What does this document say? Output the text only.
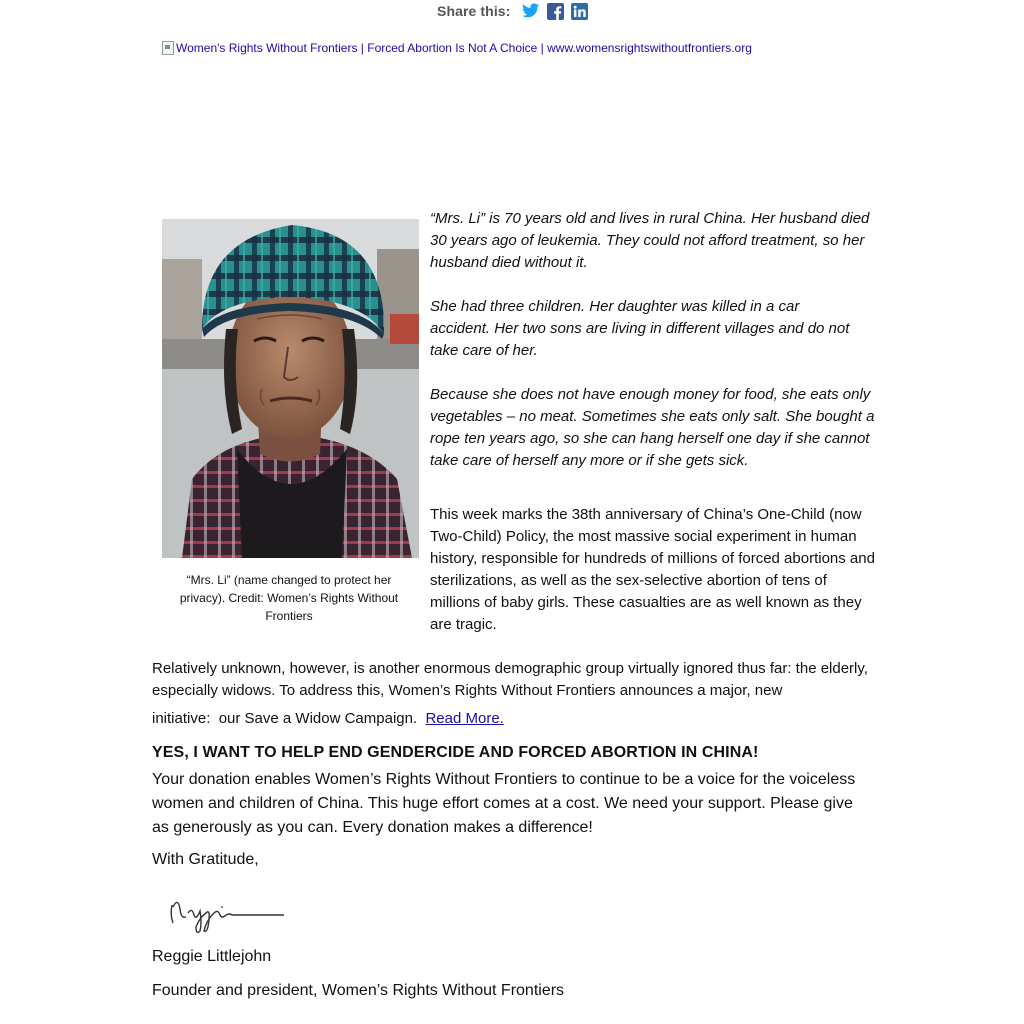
Share this:
Women's Rights Without Frontiers | Forced Abortion Is Not A Choice | www.womensrightswithoutfrontiers.org
“Mrs. Li” (name changed to protect her privacy). Credit: Women’s Rights Without Frontiers

“Mrs. Li” is 70 years old and lives in rural China. Her husband died 30 years ago of leukemia. They could not afford treatment, so her husband died without it.

She had three children. Her daughter was killed in a car accident. Her two sons are living in different villages and do not take care of her.

Because she does not have enough money for food, she eats only vegetables – no meat. Sometimes she eats only salt. She bought a rope ten years ago, so she can hang herself one day if she cannot take care of herself any more or if she gets sick.

This week marks the 38th anniversary of China’s One-Child (now Two-Child) Policy, the most massive social experiment in human history, responsible for hundreds of millions of forced abortions and sterilizations, as well as the sex-selective abortion of tens of millions of baby girls. These casualties are as well known as they are tragic.

Relatively unknown, however, is another enormous demographic group virtually ignored thus far: the elderly, especially widows. To address this, Women’s Rights Without Frontiers announces a major, new

initiative:  our Save a Widow Campaign.  Read More.

YES, I WANT TO HELP END GENDERCIDE AND FORCED ABORTION IN CHINA!

Your donation enables Women’s Rights Without Frontiers to continue to be a voice for the voiceless women and children of China. This huge effort comes at a cost. We need your support. Please give as generously as you can. Every donation makes a difference!

With Gratitude,

Reggie Littlejohn

Founder and president, Women’s Rights Without Frontiers
